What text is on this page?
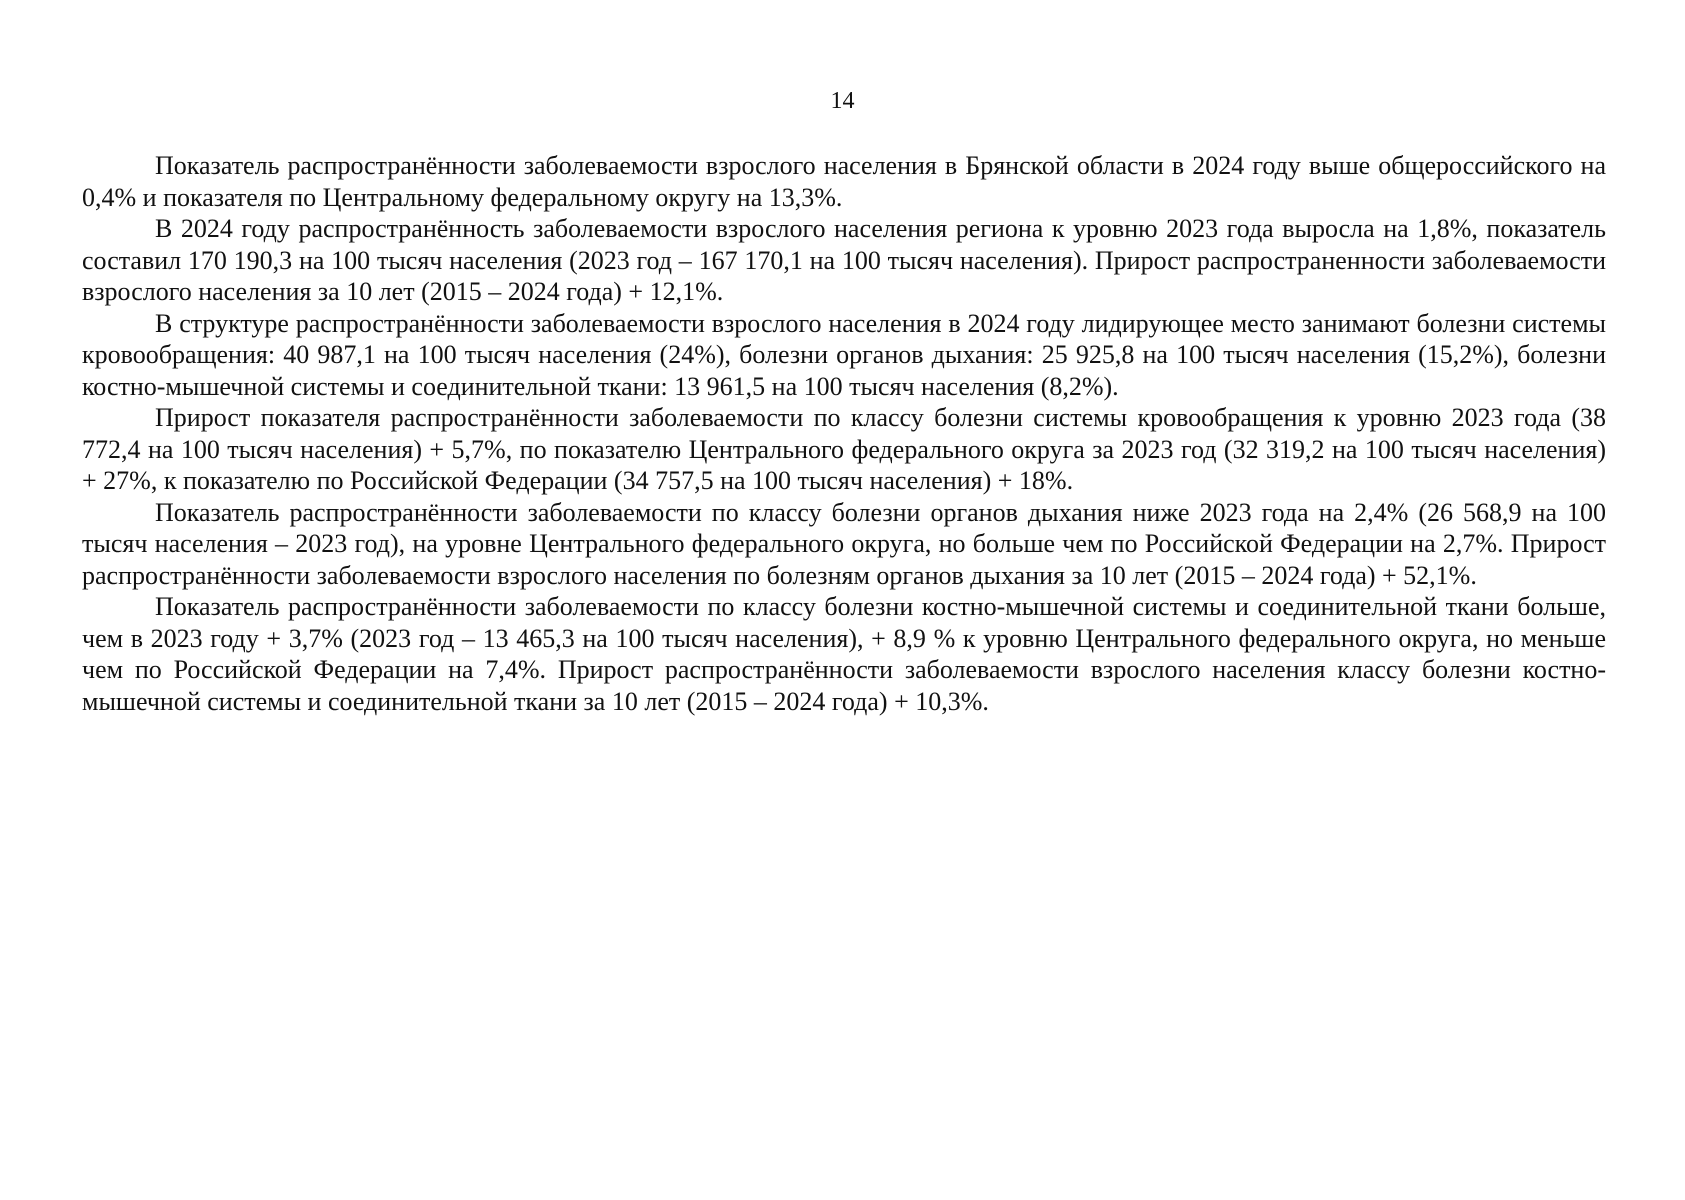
14

Показатель распространённости заболеваемости взрослого населения в Брянской области в 2024 году выше общероссийского на 0,4% и показателя по Центральному федеральному округу на 13,3%.

В 2024 году распространённость заболеваемости взрослого населения региона к уровню 2023 года выросла на 1,8%, показатель составил 170 190,3 на 100 тысяч населения (2023 год – 167 170,1 на 100 тысяч населения). Прирост распространенности заболеваемости взрослого населения за 10 лет (2015 – 2024 года) + 12,1%.

В структуре распространённости заболеваемости взрослого населения в 2024 году лидирующее место занимают болезни системы кровообращения: 40 987,1 на 100 тысяч населения (24%), болезни органов дыхания: 25 925,8 на 100 тысяч населения (15,2%), болезни костно-мышечной системы и соединительной ткани: 13 961,5 на 100 тысяч населения (8,2%).

Прирост показателя распространённости заболеваемости по классу болезни системы кровообращения к уровню 2023 года (38 772,4 на 100 тысяч населения) + 5,7%, по показателю Центрального федерального округа за 2023 год (32 319,2 на 100 тысяч населения) + 27%, к показателю по Российской Федерации (34 757,5 на 100 тысяч населения) + 18%.

Показатель распространённости заболеваемости по классу болезни органов дыхания ниже 2023 года на 2,4% (26 568,9 на 100 тысяч населения – 2023 год), на уровне Центрального федерального округа, но больше чем по Российской Федерации на 2,7%. Прирост распространённости заболеваемости взрослого населения по болезням органов дыхания за 10 лет (2015 – 2024 года) + 52,1%.

Показатель распространённости заболеваемости по классу болезни костно-мышечной системы и соединительной ткани больше, чем в 2023 году + 3,7% (2023 год – 13 465,3 на 100 тысяч населения), + 8,9 % к уровню Центрального федерального округа, но меньше чем по Российской Федерации на 7,4%. Прирост распространённости заболеваемости взрослого населения классу болезни костно-мышечной системы и соединительной ткани за 10 лет (2015 – 2024 года) + 10,3%.
